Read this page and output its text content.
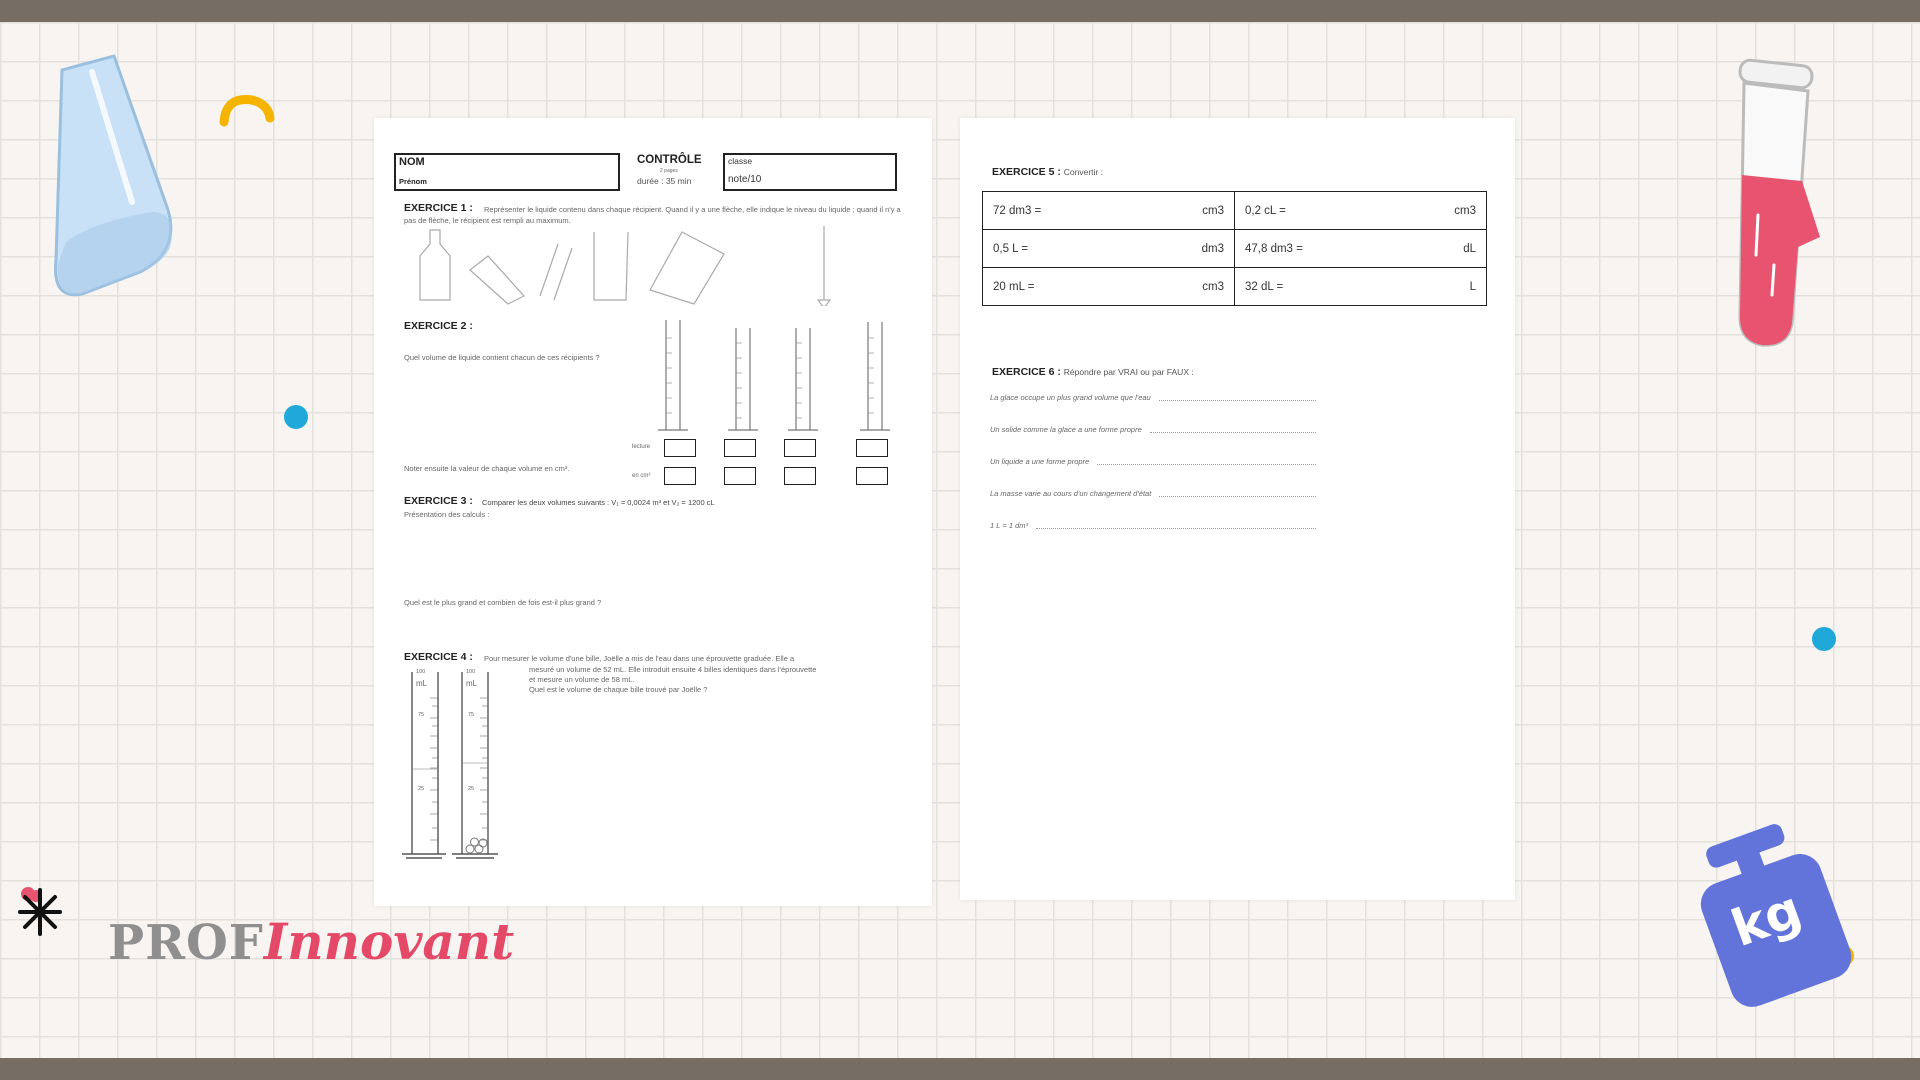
kg
PROFInnovant
NOM
Prénom
CONTRÔLE
2 pages
durée : 35 min
classe
note/10
EXERCICE 1 :	Représenter le liquide contenu dans chaque récipient. Quand il y a une flèche, elle indique le niveau du liquide ; quand il n'y a pas de flèche, le récipient est rempli au maximum.
EXERCICE 2 :
Quel volume de liquide contient chacun de ces récipients ?
Noter ensuite la valeur de chaque volume en cm³.
lecture
en cm³
EXERCICE 3 : Comparer les deux volumes suivants : V₁ = 0,0024 m³ et V₂ = 1200 cL
Présentation des calculs :
Quel est le plus grand et combien de fois est-il plus grand ?
EXERCICE 4 : Pour mesurer le volume d'une bille, Joëlle a mis de l'eau dans une éprouvette graduée. Elle a
mesuré un volume de 52 mL. Elle introduit ensuite 4 billes identiques dans l'éprouvette
et mesure un volume de 58 mL.
Quel est le volume de chaque bille trouvé par Joëlle ?
100
mL
75
25
100
mL
75
25
EXERCICE 5 : Convertir :
72 dm3 = cm3	0,2 cL = cm3

0,5 L = dm3	47,8 dm3 = dL

20 mL = cm3	32 dL = L
EXERCICE 6 : Répondre par VRAI ou par FAUX :
La glace occupe un plus grand volume que l'eau
Un solide comme la glace a une forme propre
Un liquide a une forme propre
La masse varie au cours d'un changement d'état
1 L = 1 dm³
